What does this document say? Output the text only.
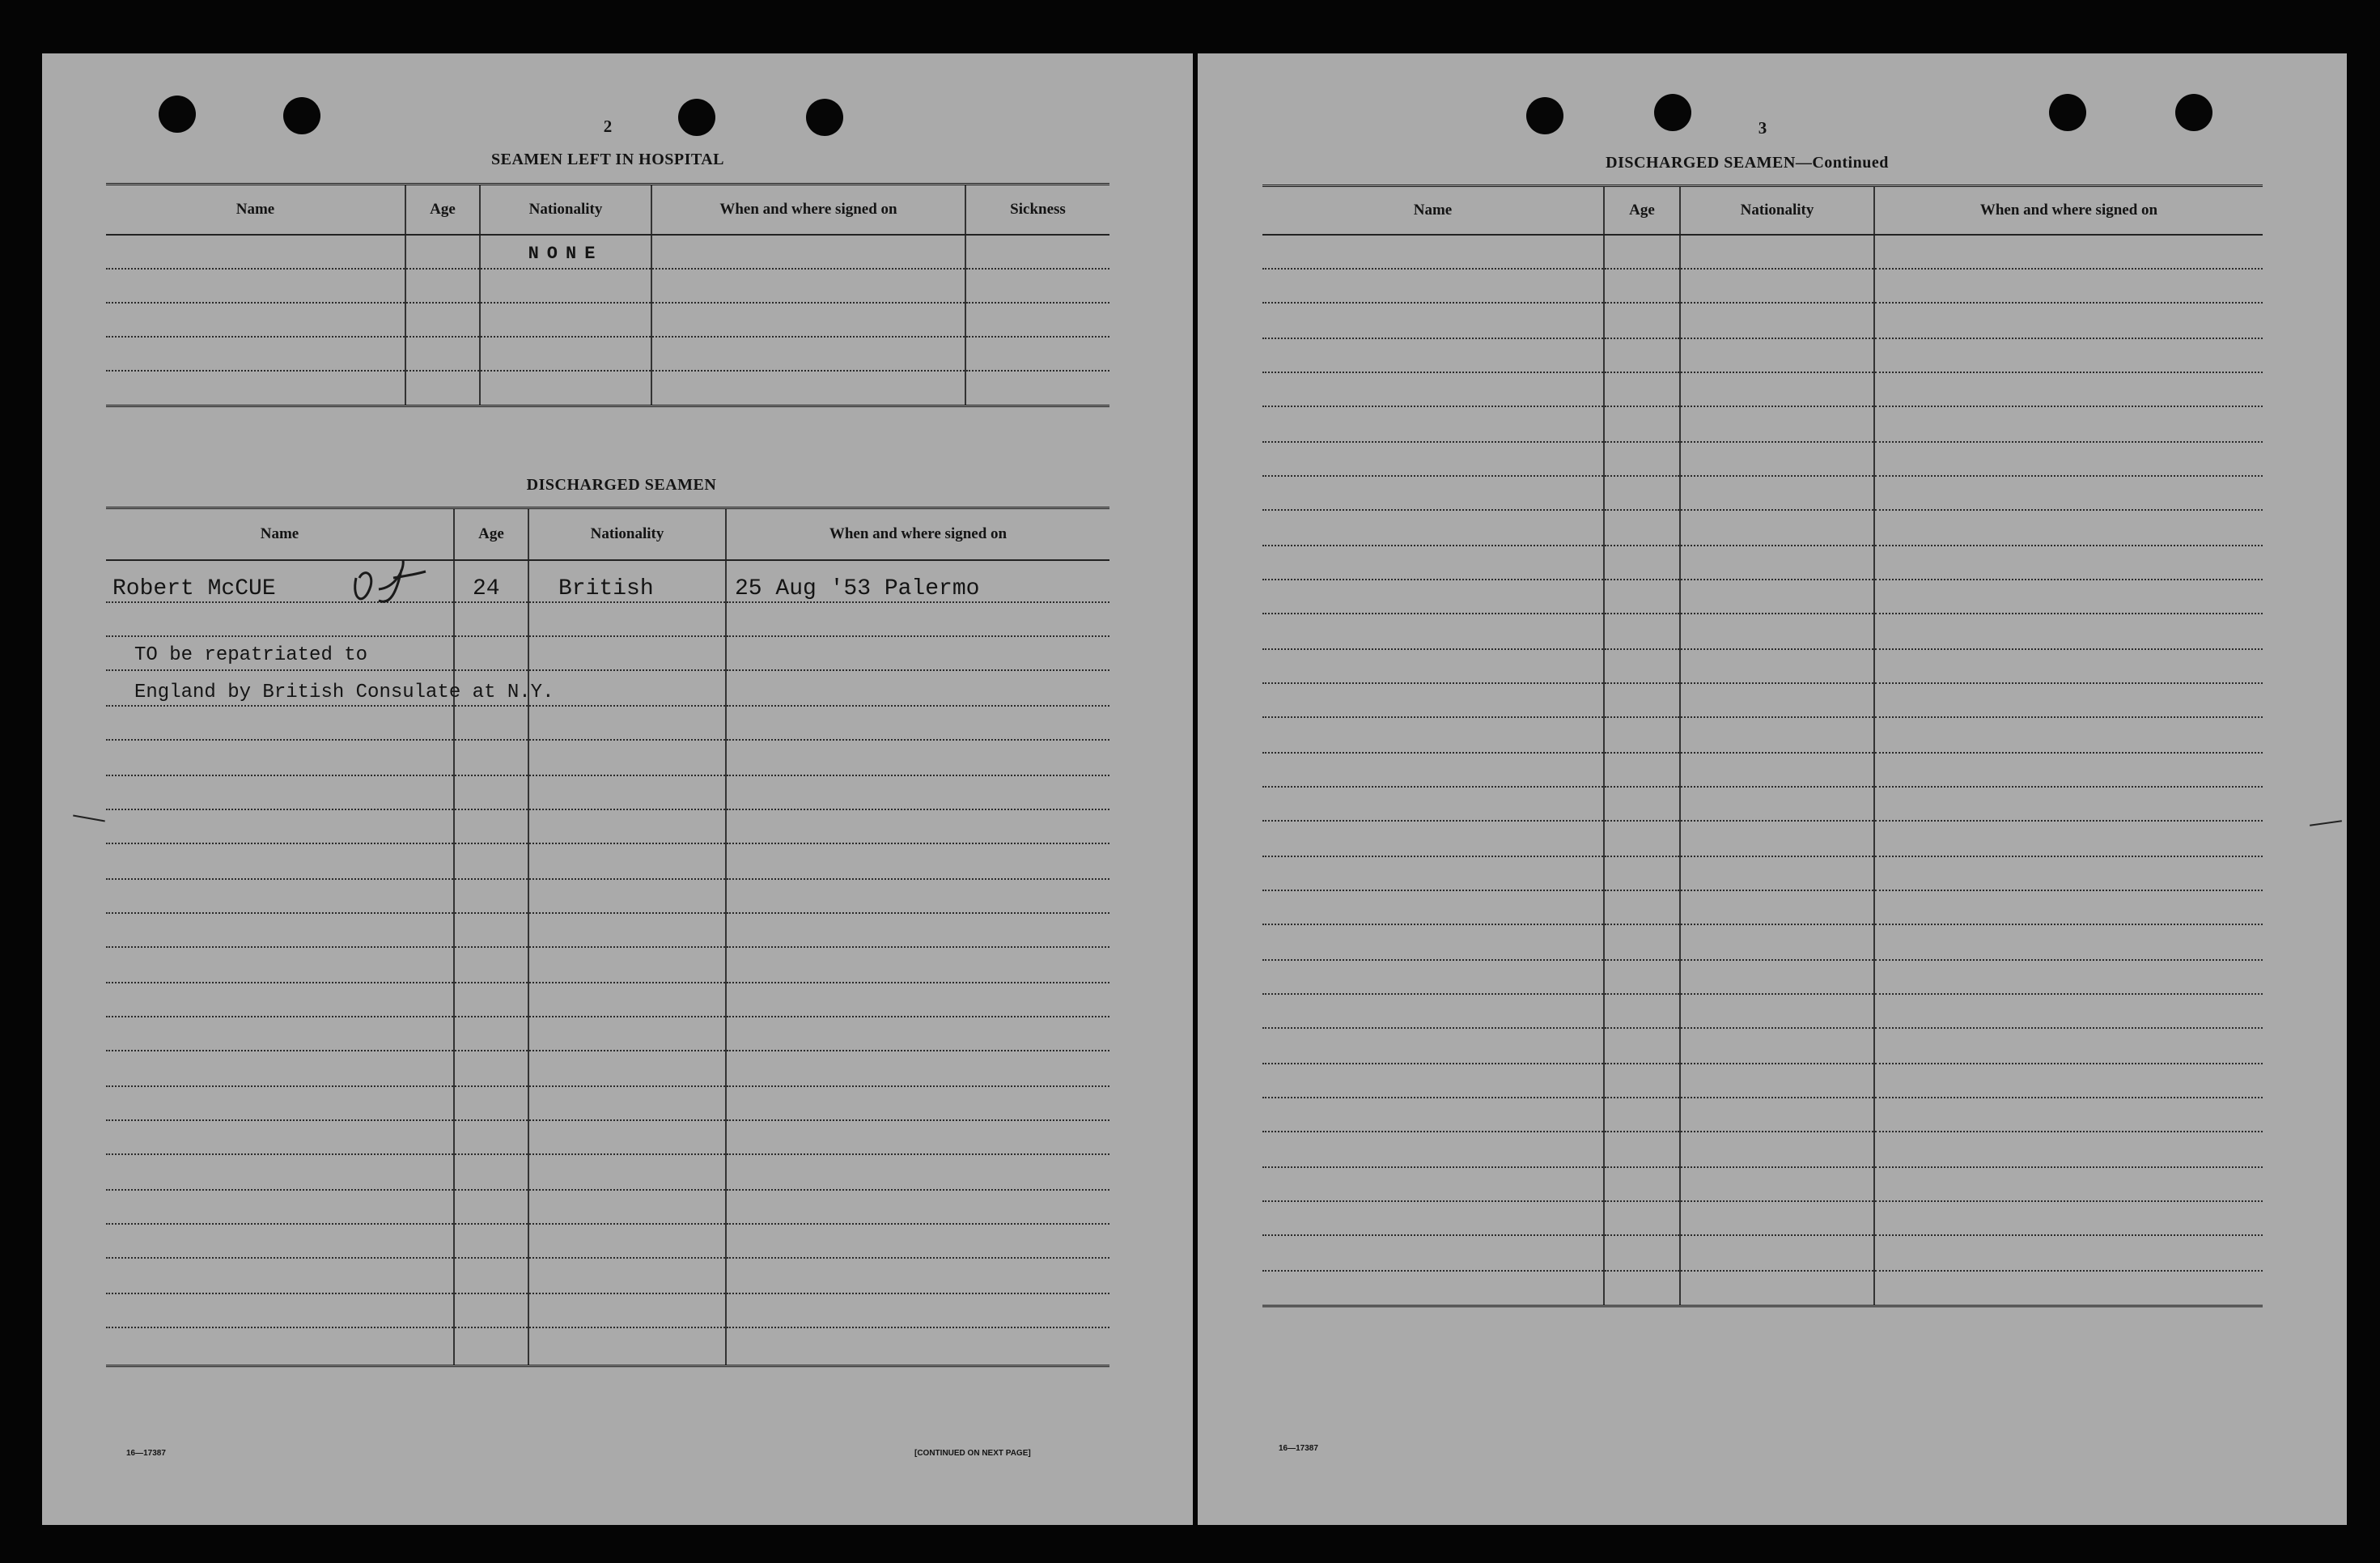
2
SEAMEN LEFT IN HOSPITAL
Name	Age	Nationality	When and where signed on	Sickness
		NONE		

DISCHARGED SEAMEN
Name	Age	Nationality	When and where signed on
Robert McCUE	24	British	25 Aug '53 Palermo

TO be repatriated to
England by British Consulate at N.Y.
16—17387	[CONTINUED ON NEXT PAGE]
3
DISCHARGED SEAMEN—Continued
Name	Age	Nationality	When and where signed on

16—17387
